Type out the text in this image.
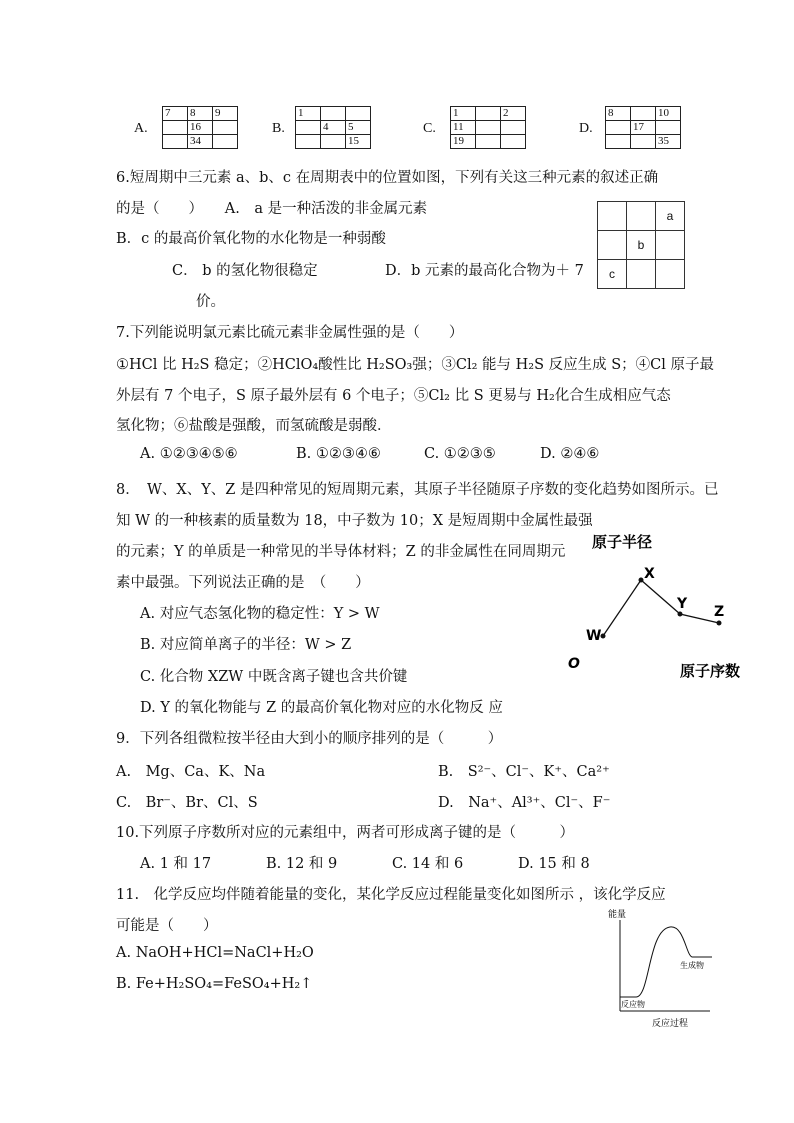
A.
7	8	9
	16	
	34	
B.
1		
	4	5
		15
C.
1		2
11		
19		
D.
8		10
	17	
		35
6.短周期中三元素 a、b、c 在周期表中的位置如图，下列有关这三种元素的叙述正确
的是（　　）　　A.　a 是一种活泼的非金属元素
B．c 的最高价氧化物的水化物是一种弱酸
C． b 的氢化物很稳定	D．b 元素的最高化合物为＋ 7
价。
		a
	b	
c		
7.下列能说明氯元素比硫元素非金属性强的是（　　）
①HCl 比 H₂S 稳定；②HClO₄酸性比 H₂SO₃强；③Cl₂ 能与 H₂S 反应生成 S；④Cl 原子最
外层有 7 个电子，S 原子最外层有 6 个电子；⑤Cl₂ 比 S 更易与 H₂化合生成相应气态
氢化物；⑥盐酸是强酸，而氢硫酸是弱酸．
A. ①②③④⑤⑥	B. ①②③④⑥	C. ①②③⑤	D. ②④⑥
8．　W、X、Y、Z 是四种常见的短周期元素，其原子半径随原子序数的变化趋势如图所示。已
知 W 的一种核素的质量数为 18，中子数为 10；X 是短周期中金属性最强
的元素；Y 的单质是一种常见的半导体材料；Z 的非金属性在同周期元
素中最强。下列说法正确的是　（　　）
A. 对应气态氢化物的稳定性：Y > W
B. 对应简单离子的半径：W > Z
C. 化合物 XZW 中既含离子键也含共价键
D. Y 的氧化物能与 Z 的最高价氧化物对应的水化物反 应
原子半径
原子序数
O
W
X
Y Z
9．下列各组微粒按半径由大到小的顺序排列的是（　　　）
A.　Mg、Ca、K、Na	B.　S²⁻、Cl⁻、K⁺、Ca²⁺
C.　Br⁻、Br、Cl、S	D.　Na⁺、Al³⁺、Cl⁻、F⁻
10.下列原子序数所对应的元素组中，两者可形成离子键的是（　　　）
A. 1 和 17	B. 12 和 9	C. 14 和 6	D. 15 和 8
11.　化学反应均伴随着能量的变化，某化学反应过程能量变化如图所示 ，该化学反应
可能是（　　）
A. NaOH+HCl=NaCl+H₂O
B. Fe+H₂SO₄=FeSO₄+H₂↑
能量
反应过程
反应物
生成物
